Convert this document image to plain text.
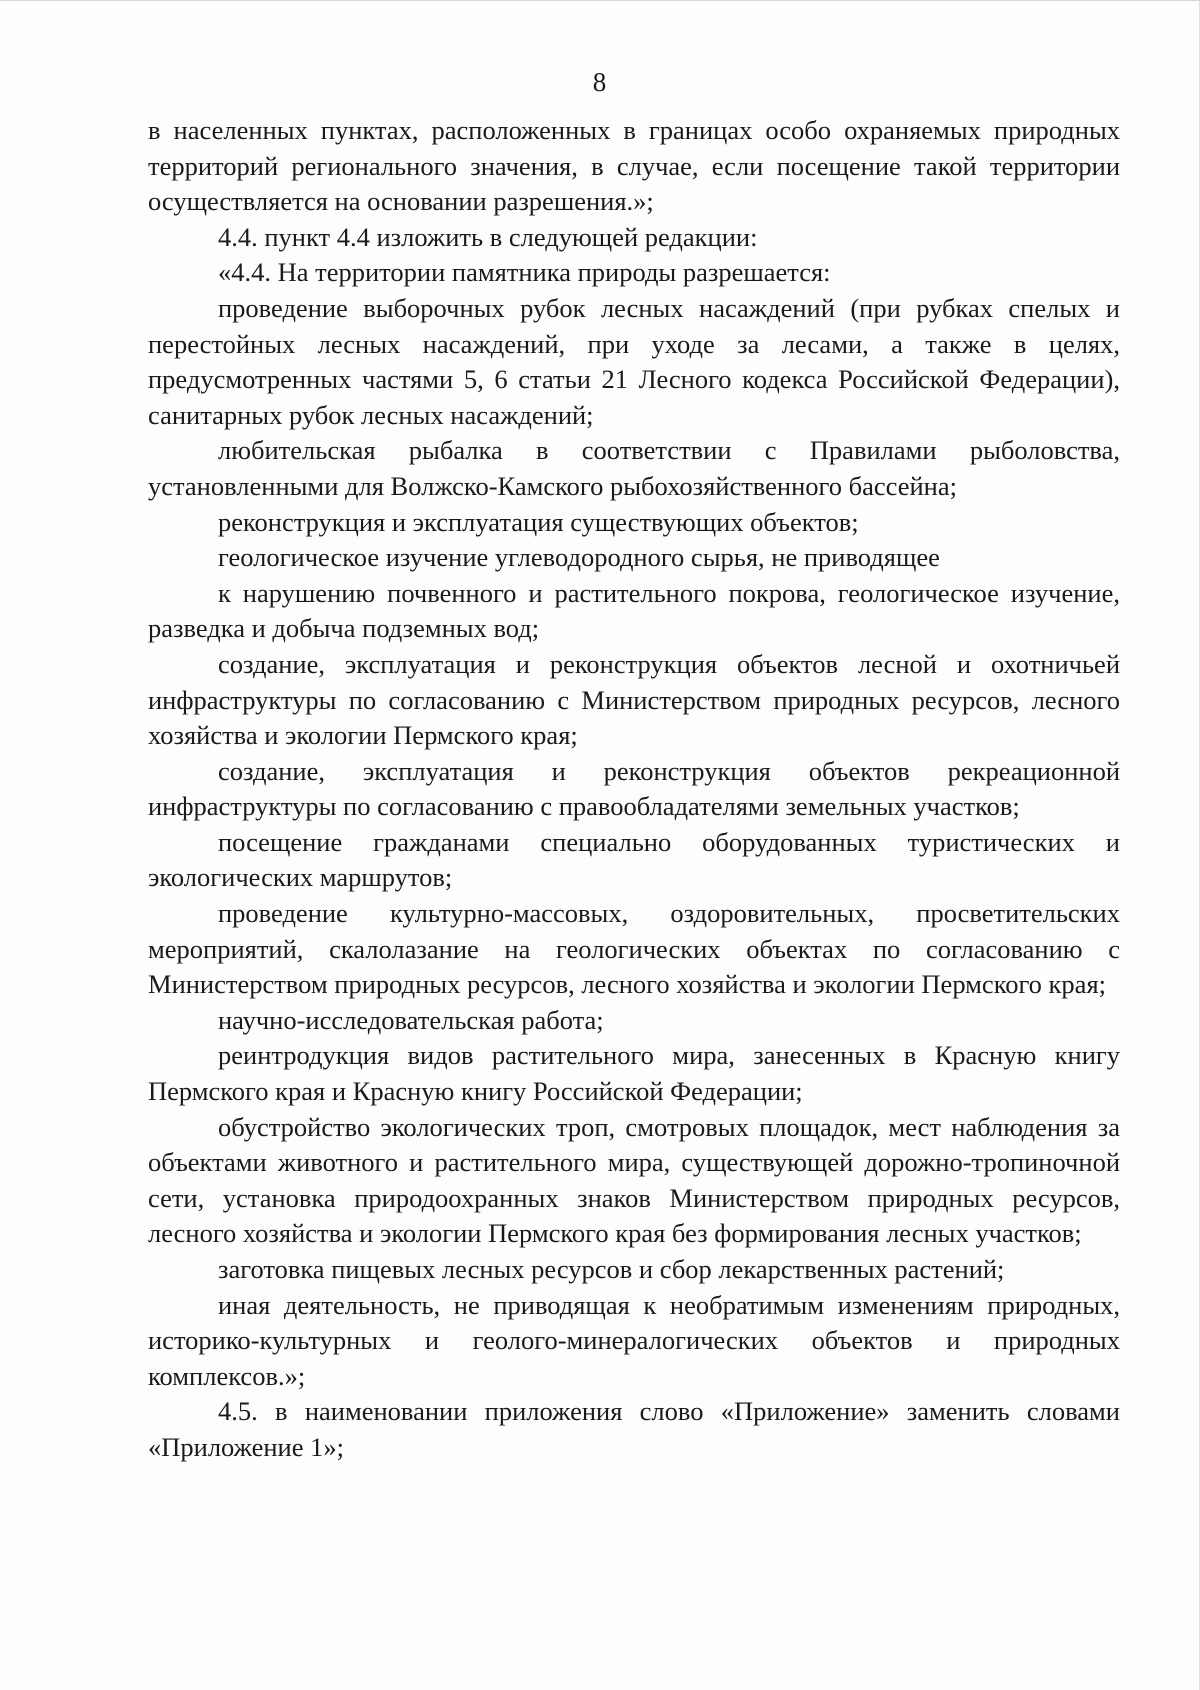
8

в населенных пунктах, расположенных в границах особо охраняемых природных территорий регионального значения, в случае, если посещение такой территории осуществляется на основании разрешения.»;

4.4. пункт 4.4 изложить в следующей редакции:

«4.4. На территории памятника природы разрешается:

проведение выборочных рубок лесных насаждений (при рубках спелых и перестойных лесных насаждений, при уходе за лесами, а также в целях, предусмотренных частями 5, 6 статьи 21 Лесного кодекса Российской Федерации), санитарных рубок лесных насаждений;

любительская рыбалка в соответствии с Правилами рыболовства, установленными для Волжско-Камского рыбохозяйственного бассейна;

реконструкция и эксплуатация существующих объектов;

геологическое изучение углеводородного сырья, не приводящее

к нарушению почвенного и растительного покрова, геологическое изучение, разведка и добыча подземных вод;

создание, эксплуатация и реконструкция объектов лесной и охотничьей инфраструктуры по согласованию с Министерством природных ресурсов, лесного хозяйства и экологии Пермского края;

создание, эксплуатация и реконструкция объектов рекреационной инфраструктуры по согласованию с правообладателями земельных участков;

посещение гражданами специально оборудованных туристических и экологических маршрутов;

проведение культурно-массовых, оздоровительных, просветительских мероприятий, скалолазание на геологических объектах по согласованию с Министерством природных ресурсов, лесного хозяйства и экологии Пермского края;

научно-исследовательская работа;

реинтродукция видов растительного мира, занесенных в Красную книгу Пермского края и Красную книгу Российской Федерации;

обустройство экологических троп, смотровых площадок, мест наблюдения за объектами животного и растительного мира, существующей дорожно-тропиночной сети, установка природоохранных знаков Министерством природных ресурсов, лесного хозяйства и экологии Пермского края без формирования лесных участков;

заготовка пищевых лесных ресурсов и сбор лекарственных растений;

иная деятельность, не приводящая к необратимым изменениям природных, историко-культурных и геолого-минералогических объектов и природных комплексов.»;

4.5. в наименовании приложения слово «Приложение» заменить словами «Приложение 1»;
